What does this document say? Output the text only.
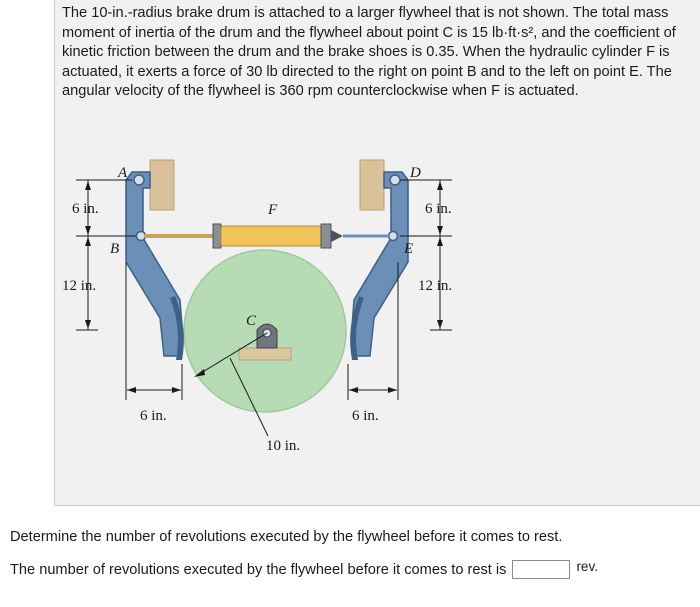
The 10-in.-radius brake drum is attached to a larger flywheel that is not shown. The total mass moment of inertia of the drum and the flywheel about point C is 15 lb·ft·s², and the coefficient of kinetic friction between the drum and the brake shoes is 0.35. When the hydraulic cylinder F is actuated, it exerts a force of 30 lb directed to the right on point B and to the left on point E. The angular velocity of the flywheel is 360 rpm counterclockwise when F is actuated.

A
B
C
D
E
F
6 in.
12 in.
6 in.
12 in.
6 in.	6 in.
10 in.

Determine the number of revolutions executed by the flywheel before it comes to rest.

The number of revolutions executed by the flywheel before it comes to rest is	rev.
